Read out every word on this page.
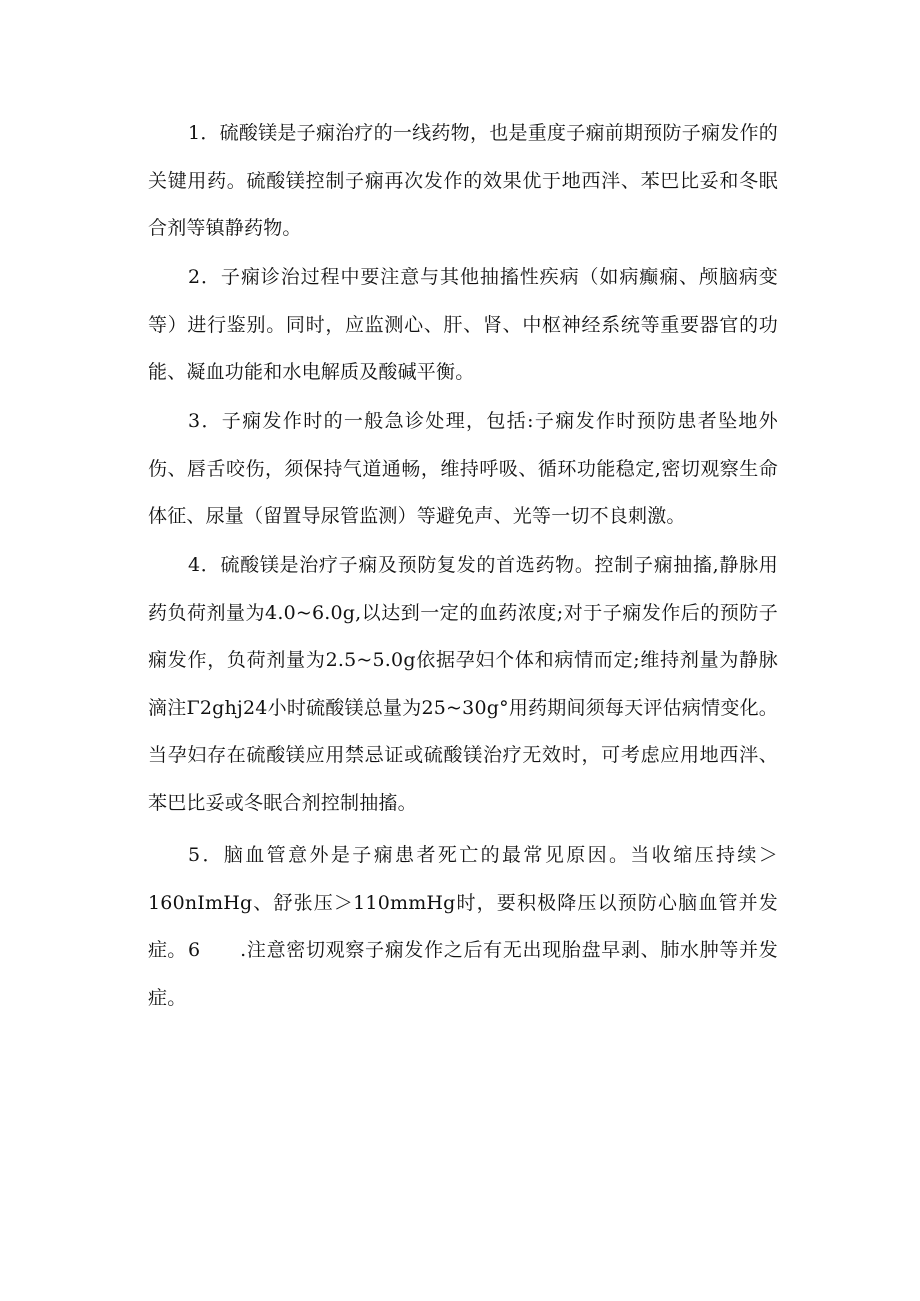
1．硫酸镁是子痫治疗的一线药物，也是重度子痫前期预防子痫发作的关键用药。硫酸镁控制子痫再次发作的效果优于地西泮、苯巴比妥和冬眠合剂等镇静药物。

2．子痫诊治过程中要注意与其他抽搐性疾病（如病癫痫、颅脑病变等）进行鉴别。同时，应监测心、肝、肾、中枢神经系统等重要器官的功能、凝血功能和水电解质及酸碱平衡。

3．子痫发作时的一般急诊处理，包括:子痫发作时预防患者坠地外伤、唇舌咬伤，须保持气道通畅，维持呼吸、循环功能稳定,密切观察生命体征、尿量（留置导尿管监测）等避免声、光等一切不良刺激。

4．硫酸镁是治疗子痫及预防复发的首选药物。控制子痫抽搐,静脉用药负荷剂量为4.0~6.0g,以达到一定的血药浓度;对于子痫发作后的预防子痫发作，负荷剂量为2.5~5.0g依据孕妇个体和病情而定;维持剂量为静脉滴注Γ2ghj24小时硫酸镁总量为25~30g°用药期间须每天评估病情变化。当孕妇存在硫酸镁应用禁忌证或硫酸镁治疗无效时，可考虑应用地西泮、苯巴比妥或冬眠合剂控制抽搐。

5．脑血管意外是子痫患者死亡的最常见原因。当收缩压持续＞160nImHg、舒张压＞110mmHg时，要积极降压以预防心脑血管并发症。 6　　.注意密切观察子痫发作之后有无出现胎盘早剥、肺水肿等并发症。
